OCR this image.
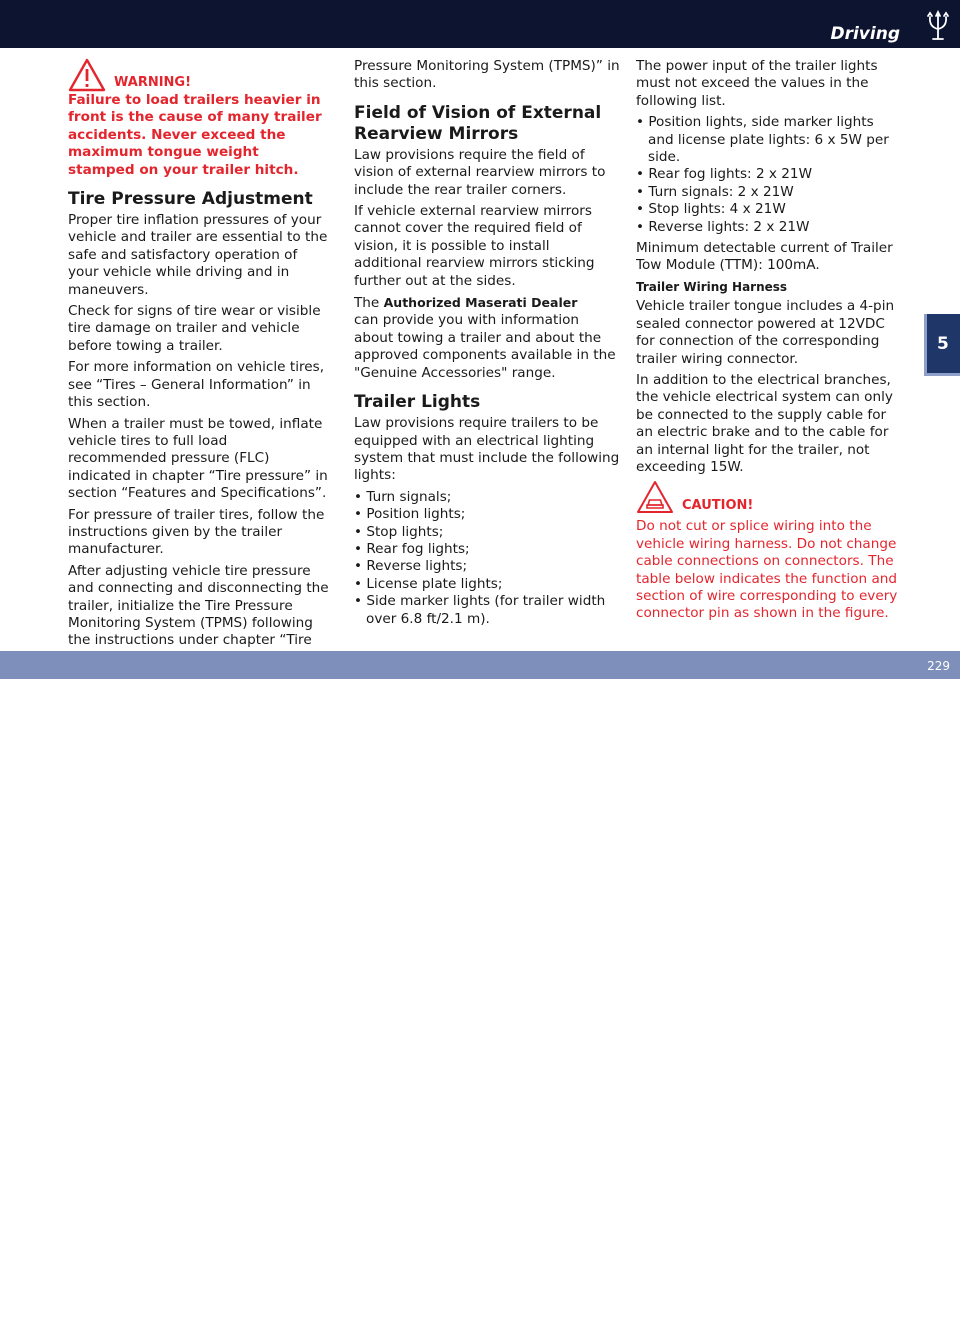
Driving
WARNING!

Failure to load trailers heavier in front is the cause of many trailer accidents. Never exceed the maximum tongue weight stamped on your trailer hitch.

Tire Pressure Adjustment

Proper tire inflation pressures of your vehicle and trailer are essential to the safe and satisfactory operation of your vehicle while driving and in maneuvers.

Check for signs of tire wear or visible tire damage on trailer and vehicle before towing a trailer.

For more information on vehicle tires, see “Tires – General Information” in this section.

When a trailer must be towed, inflate vehicle tires to full load recommended pressure (FLC) indicated in chapter “Tire pressure” in section “Features and Specifications”.

For pressure of trailer tires, follow the instructions given by the trailer manufacturer.

After adjusting vehicle tire pressure and connecting and disconnecting the trailer, initialize the Tire Pressure Monitoring System (TPMS) following the instructions under chapter “Tire

Pressure Monitoring System (TPMS)” in this section.

Field of Vision of External Rearview Mirrors

Law provisions require the field of vision of external rearview mirrors to include the rear trailer corners.

If vehicle external rearview mirrors cannot cover the required field of vision, it is possible to install additional rearview mirrors sticking further out at the sides.

The Authorized Maserati Dealer
can provide you with information about towing a trailer and about the approved components available in the "Genuine Accessories" range.

Trailer Lights

Law provisions require trailers to be equipped with an electrical lighting system that must include the following lights:

• Turn signals;
• Position lights;
• Stop lights;
• Rear fog lights;
• Reverse lights;
• License plate lights;
• Side marker lights (for trailer width over 6.8 ft/2.1 m).

The power input of the trailer lights must not exceed the values in the following list.

• Position lights, side marker lights and license plate lights: 6 x 5W per side.
• Rear fog lights: 2 x 21W
• Turn signals: 2 x 21W
• Stop lights: 4 x 21W
• Reverse lights: 2 x 21W

Minimum detectable current of Trailer Tow Module (TTM): 100mA.

Trailer Wiring Harness

Vehicle trailer tongue includes a 4-pin sealed connector powered at 12VDC for connection of the corresponding trailer wiring connector.

In addition to the electrical branches, the vehicle electrical system can only be connected to the supply cable for an electric brake and to the cable for an internal light for the trailer, not exceeding 15W.

CAUTION!

Do not cut or splice wiring into the vehicle wiring harness. Do not change cable connections on connectors. The table below indicates the function and section of wire corresponding to every connector pin as shown in the figure.

5
carmanualsonline.info
229
